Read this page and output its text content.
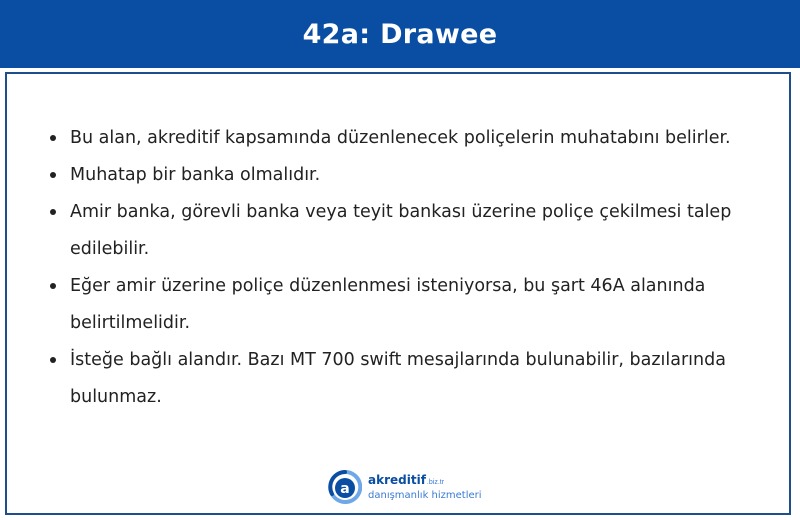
42a: Drawee
Bu alan, akreditif kapsamında düzenlenecek poliçelerin muhatabını belirler.
Muhatap bir banka olmalıdır.
Amir banka, görevli banka veya teyit bankası üzerine poliçe çekilmesi talep edilebilir.
Eğer amir üzerine poliçe düzenlenmesi isteniyorsa, bu şart 46A alanında belirtilmelidir.
İsteğe bağlı alandır. Bazı MT 700 swift mesajlarında bulunabilir, bazılarında bulunmaz.
a
akreditif.biz.tr
danışmanlık hizmetleri
